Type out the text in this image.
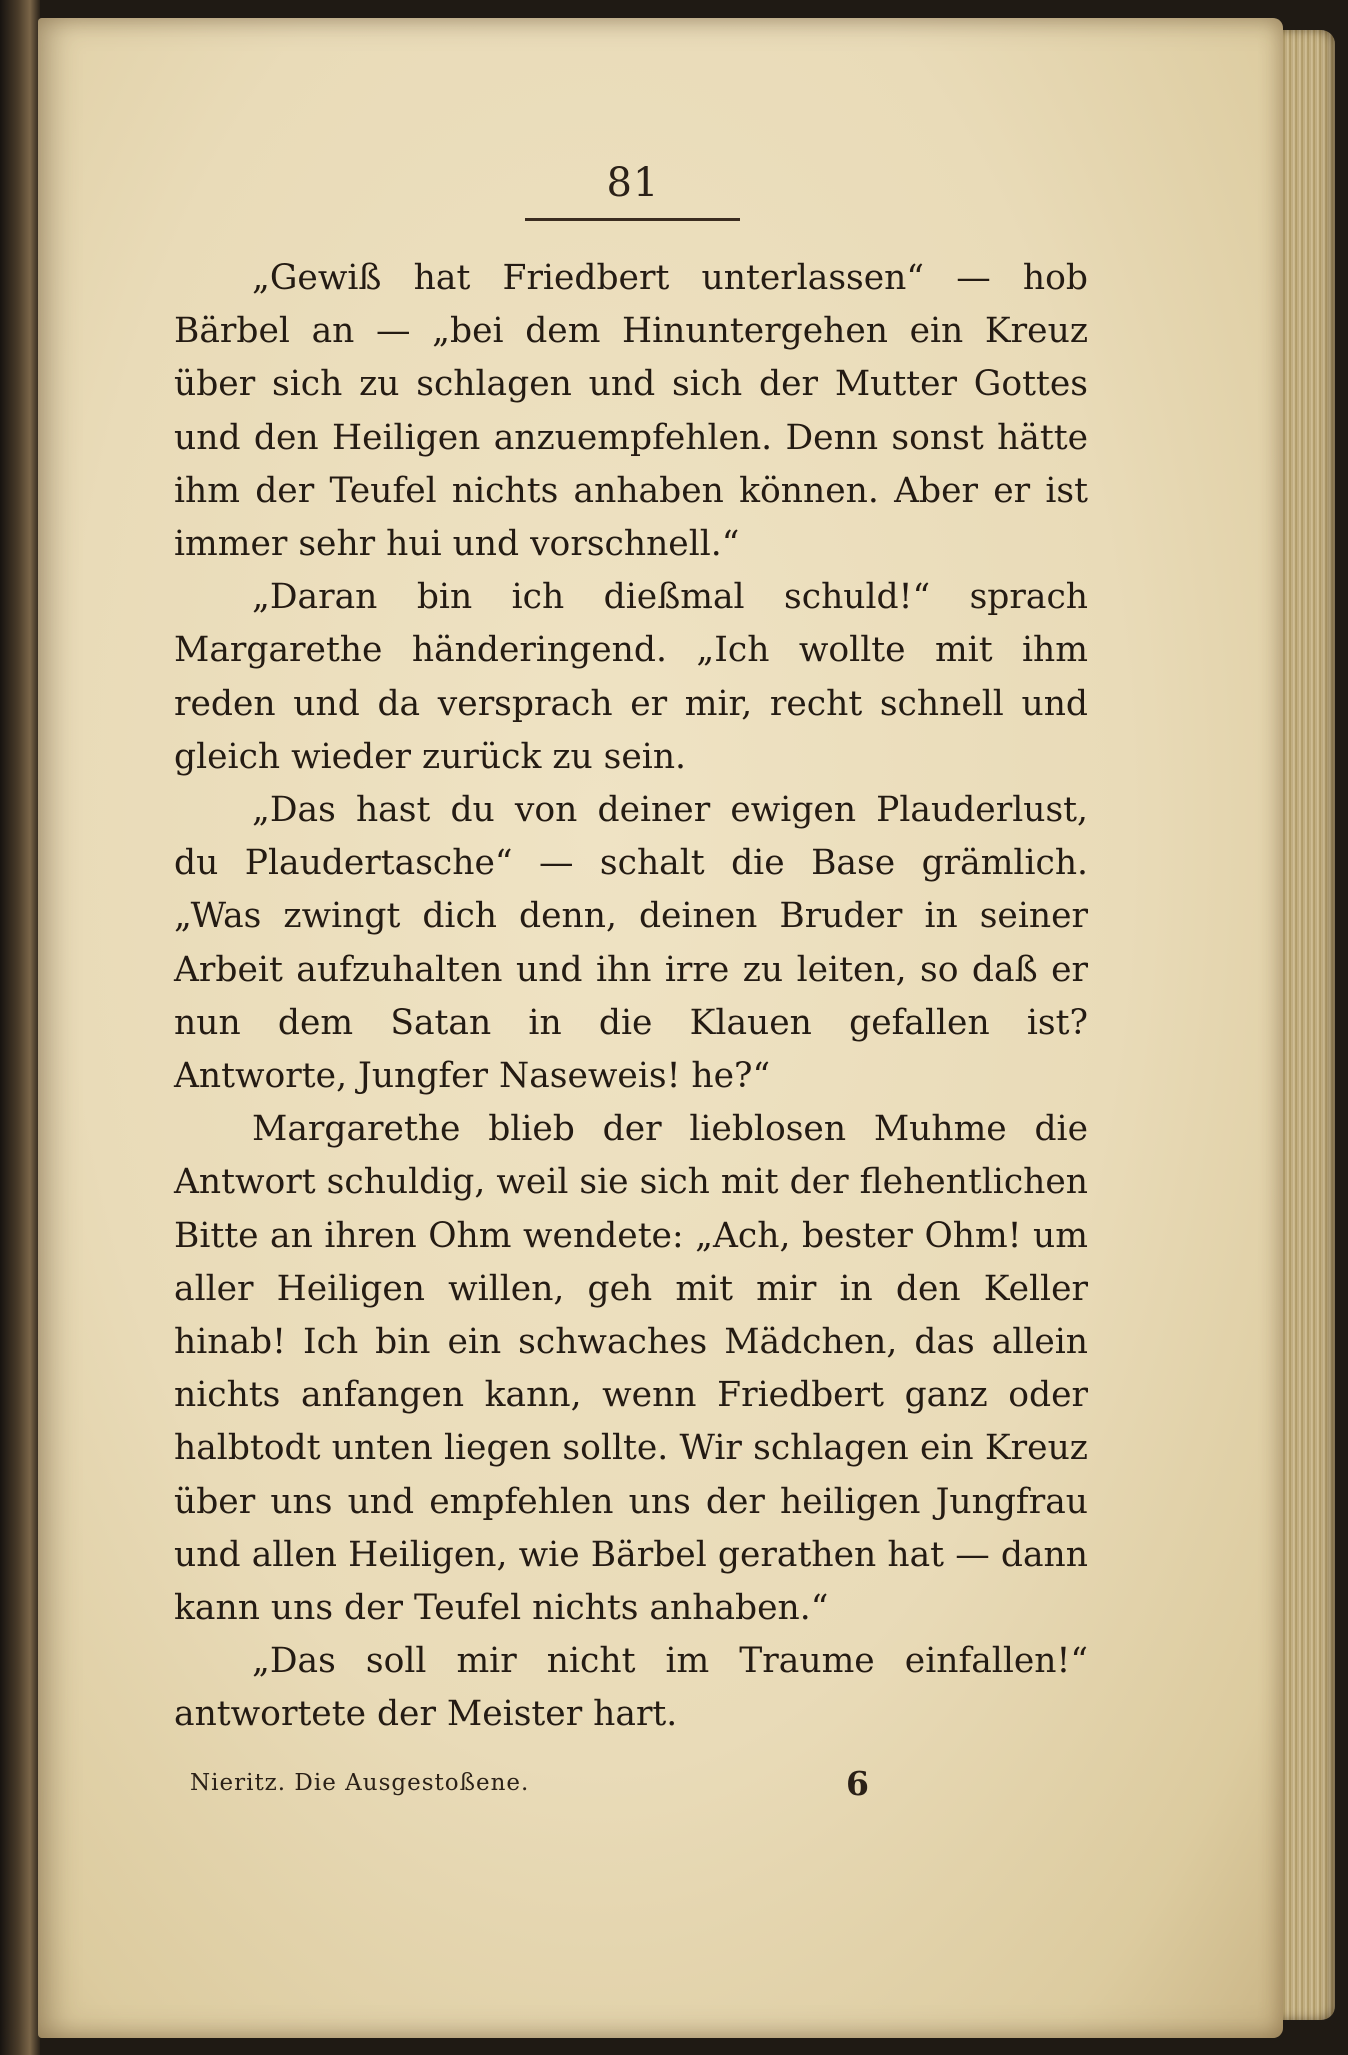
81

„Gewiß hat Friedbert unterlassen“ — hob Bärbel an — „bei dem Hinuntergehen ein Kreuz über sich zu schlagen und sich der Mutter Gottes und den Heiligen anzuempfehlen. Denn sonst hätte ihm der Teufel nichts anhaben können. Aber er ist immer sehr hui und vorschnell.“

„Daran bin ich dießmal schuld!“ sprach Margarethe händeringend. „Ich wollte mit ihm reden und da versprach er mir, recht schnell und gleich wieder zurück zu sein.

„Das hast du von deiner ewigen Plauderlust, du Plaudertasche“ — schalt die Base grämlich. „Was zwingt dich denn, deinen Bruder in seiner Arbeit aufzuhalten und ihn irre zu leiten, so daß er nun dem Satan in die Klauen gefallen ist? Antworte, Jungfer Naseweis! he?“

Margarethe blieb der lieblosen Muhme die Antwort schuldig, weil sie sich mit der flehentlichen Bitte an ihren Ohm wendete: „Ach, bester Ohm! um aller Heiligen willen, geh mit mir in den Keller hinab! Ich bin ein schwaches Mädchen, das allein nichts anfangen kann, wenn Friedbert ganz oder halbtodt unten liegen sollte. Wir schlagen ein Kreuz über uns und empfehlen uns der heiligen Jungfrau und allen Heiligen, wie Bärbel gerathen hat — dann kann uns der Teufel nichts anhaben.“

„Das soll mir nicht im Traume einfallen!“ antwortete der Meister hart.

Nieritz. Die Ausgestoßene.	6
